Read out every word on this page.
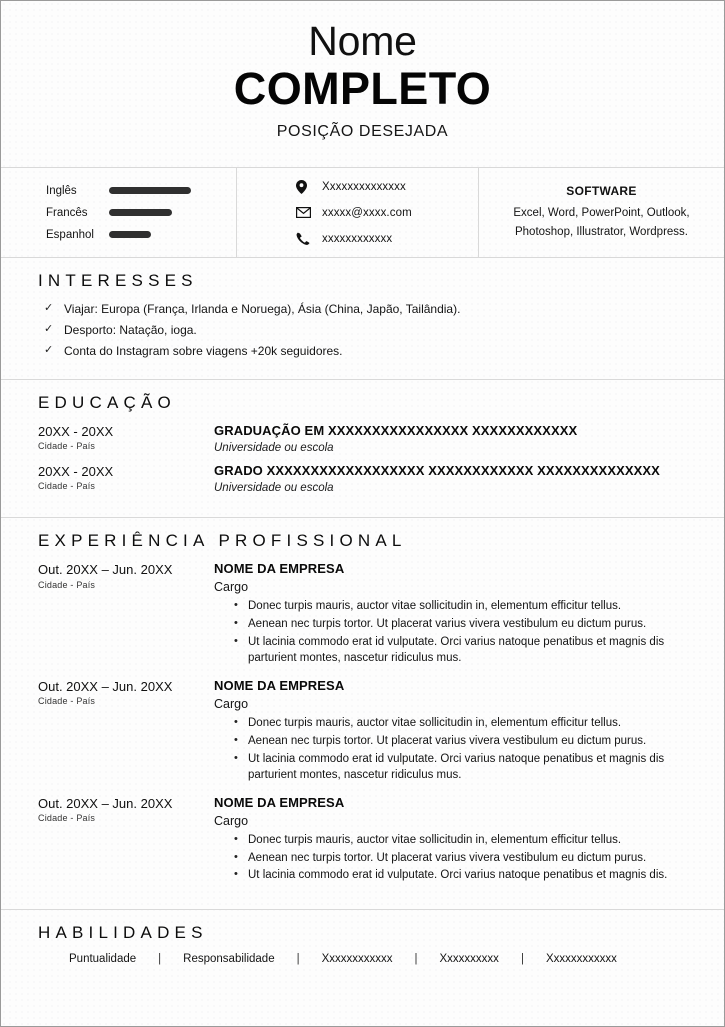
Nome
COMPLETO
POSIÇÃO DESEJADA
Inglês
Francês
Espanhol
Xxxxxxxxxxxxxx
xxxxx@xxxx.com
xxxxxxxxxxxx
SOFTWARE
Excel, Word, PowerPoint, Outlook,
Photoshop, Illustrator, Wordpress.
INTERESSES
✓ Viajar: Europa (França, Irlanda e Noruega), Ásia (China, Japão, Tailândia).
✓ Desporto: Natação, ioga.
✓ Conta do Instagram sobre viagens +20k seguidores.
EDUCAÇÃO
20XX - 20XX
Cidade - País
GRADUAÇÃO EM XXXXXXXXXXXXXXXX XXXXXXXXXXXX
Universidade ou escola
20XX - 20XX
Cidade - País
GRADO XXXXXXXXXXXXXXXXXX XXXXXXXXXXXX XXXXXXXXXXXXXX
Universidade ou escola
EXPERIÊNCIA PROFISSIONAL
Out. 20XX – Jun. 20XX
Cidade - País
NOME DA EMPRESA
Cargo
• Donec turpis mauris, auctor vitae sollicitudin in, elementum efficitur tellus.
• Aenean nec turpis tortor. Ut placerat varius vivera vestibulum eu dictum purus.
• Ut lacinia commodo erat id vulputate. Orci varius natoque penatibus et magnis dis parturient montes, nascetur ridiculus mus.
Out. 20XX – Jun. 20XX
Cidade - País
NOME DA EMPRESA
Cargo
• Donec turpis mauris, auctor vitae sollicitudin in, elementum efficitur tellus.
• Aenean nec turpis tortor. Ut placerat varius vivera vestibulum eu dictum purus.
• Ut lacinia commodo erat id vulputate. Orci varius natoque penatibus et magnis dis parturient montes, nascetur ridiculus mus.
Out. 20XX – Jun. 20XX
Cidade - País
NOME DA EMPRESA
Cargo
• Donec turpis mauris, auctor vitae sollicitudin in, elementum efficitur tellus.
• Aenean nec turpis tortor. Ut placerat varius vivera vestibulum eu dictum purus.
• Ut lacinia commodo erat id vulputate. Orci varius natoque penatibus et magnis dis.
HABILIDADES
Puntualidade	|	Responsabilidade	|	Xxxxxxxxxxxx	|	Xxxxxxxxxx	|	Xxxxxxxxxxxx
